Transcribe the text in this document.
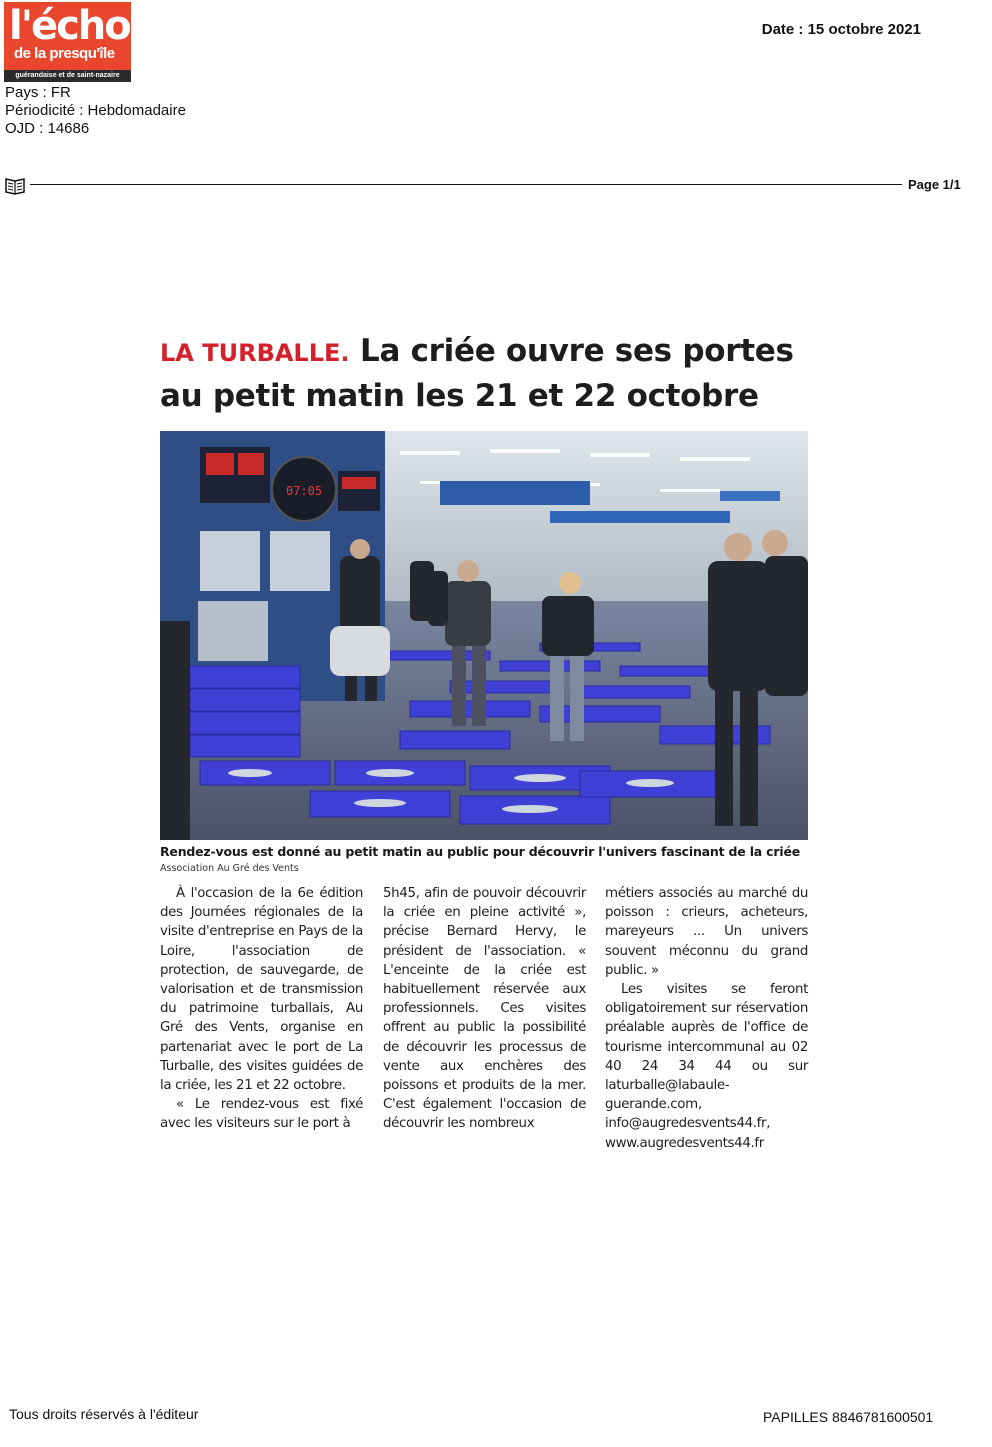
l'écho
de la presqu'île
guérandaise et de saint-nazaire
Pays : FR
Périodicité : Hebdomadaire
OJD : 14686
Date : 15 octobre 2021
Page 1/1
LA TURBALLE. La criée ouvre ses portes
au petit matin les 21 et 22 octobre
07:05
Rendez-vous est donné au petit matin au public pour découvrir l'univers fascinant de la criée
Association Au Gré des Vents

À l'occasion de la 6e édition des Journées régionales de la visite d'entreprise en Pays de la Loire, l'association de protection, de sauvegarde, de valorisation et de transmission du patrimoine turballais, Au Gré des Vents, organise en partenariat avec le port de La Turballe, des visites guidées de la criée, les 21 et 22 octobre.

« Le rendez-vous est fixé avec les visiteurs sur le port à

5h45, afin de pouvoir découvrir la criée en pleine activité », précise Bernard Hervy, le président de l'association. « L'enceinte de la criée est habituellement réservée aux professionnels. Ces visites offrent au public la possibilité de découvrir les processus de vente aux enchères des poissons et produits de la mer. C'est également l'occasion de découvrir les nombreux

métiers associés au marché du poisson : crieurs, acheteurs, mareyeurs ... Un univers souvent méconnu du grand public. »

Les visites se feront obligatoirement sur réservation préalable auprès de l'office de tourisme intercommunal au 02 40 24 34 44 ou sur laturballe@labaule-guerande.com, info@augredesvents44.fr, www.augredesvents44.fr

Tous droits réservés à l'éditeur	PAPILLES 8846781600501
